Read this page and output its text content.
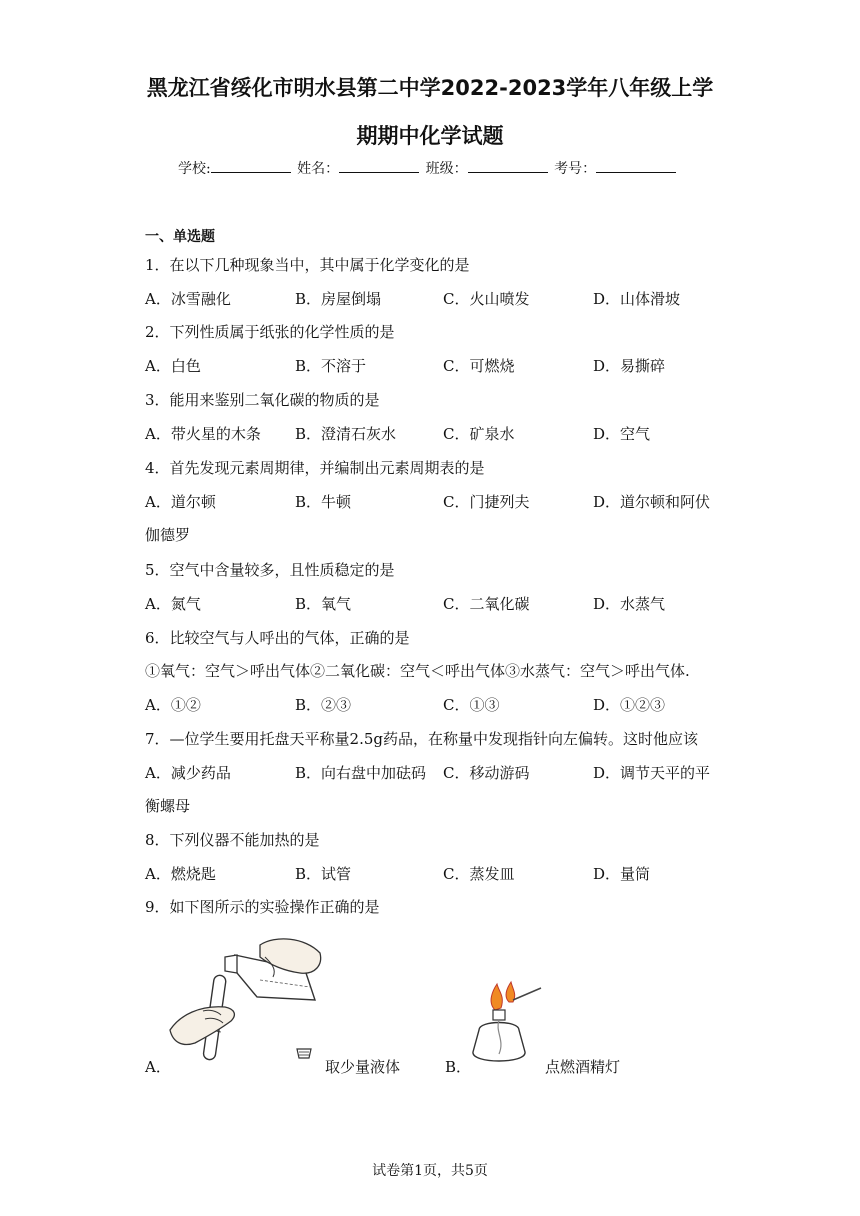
黑龙江省绥化市明水县第二中学2022-2023学年八年级上学
期期中化学试题
学校:	姓名：	班级：	考号：
一、单选题
1．在以下几种现象当中，其中属于化学变化的是
A．冰雪融化	B．房屋倒塌	C．火山喷发	D．山体滑坡
2．下列性质属于纸张的化学性质的是
A．白色	B．不溶于	C．可燃烧	D．易撕碎
3．能用来鉴别二氧化碳的物质的是
A．带火星的木条 B．澄清石灰水	C．矿泉水	D．空气
4．首先发现元素周期律，并编制出元素周期表的是
A．道尔顿	B．牛顿	C．门捷列夫	D．道尔顿和阿伏
伽德罗
5．空气中含量较多，且性质稳定的是
A．氮气	B．氧气	C．二氧化碳	D．水蒸气
6．比较空气与人呼出的气体，正确的是
①氧气：空气＞呼出气体②二氧化碳：空气＜呼出气体③水蒸气：空气＞呼出气体.
A．①②	B．②③	C．①③	D．①②③
7．—位学生要用托盘天平称量2.5g药品，在称量中发现指针向左偏转。这时他应该
A．减少药品	B．向右盘中加砝码 C．移动游码	D．调节天平的平
衡螺母
8．下列仪器不能加热的是
A．燃烧匙	B．试管	C．蒸发皿	D．量筒
9．如下图所示的实验操作正确的是
A．	取少量液体	B．	点燃酒精灯
试卷第1页，共5页
